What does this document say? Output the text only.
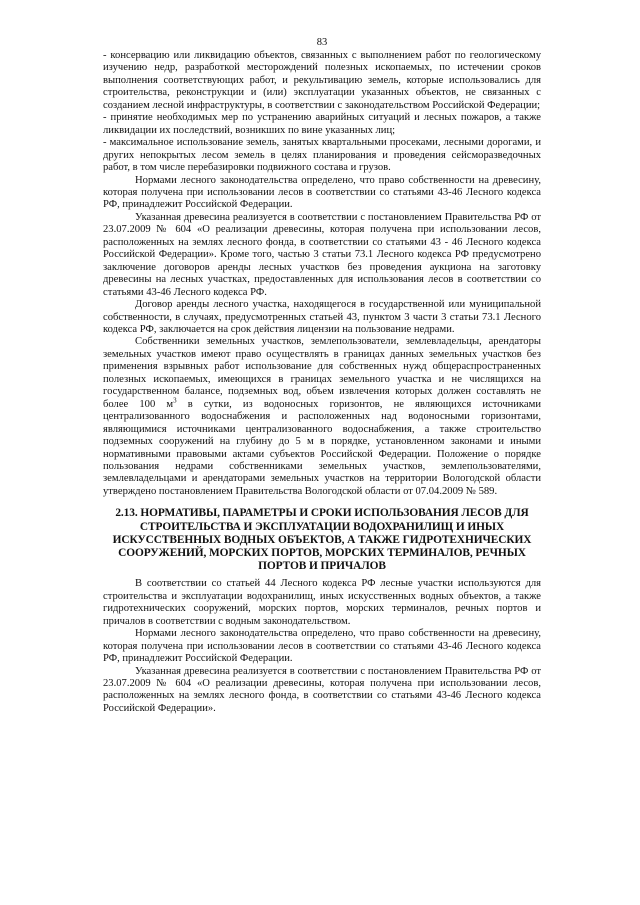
83

- консервацию или ликвидацию объектов, связанных с выполнением работ по геологическому изучению недр, разработкой месторождений полезных ископаемых, по истечении сроков выполнения соответствующих работ, и рекультивацию земель, которые использовались для строительства, реконструкции и (или) эксплуатации указанных объектов, не связанных с созданием лесной инфраструктуры, в соответствии с законодательством Российской Федерации;

- принятие необходимых мер по устранению аварийных ситуаций и лесных пожаров, а также ликвидации их последствий, возникших по вине указанных лиц;

- максимальное использование земель, занятых квартальными просеками, лесными дорогами, и других непокрытых лесом земель в целях планирования и проведения сейсморазведочных работ, в том числе перебазировки подвижного состава и грузов.

Нормами лесного законодательства определено, что право собственности на древесину, которая получена при использовании лесов в соответствии со статьями 43-46 Лесного кодекса РФ, принадлежит Российской Федерации.

Указанная древесина реализуется в соответствии с постановлением Правительства РФ от 23.07.2009 № 604 «О реализации древесины, которая получена при использовании лесов, расположенных на землях лесного фонда, в соответствии со статьями 43 - 46 Лесного кодекса Российской Федерации». Кроме того, частью 3 статьи 73.1 Лесного кодекса РФ предусмотрено заключение договоров аренды лесных участков без проведения аукциона на заготовку древесины на лесных участках, предоставленных для использования лесов в соответствии со статьями 43-46 Лесного кодекса РФ.

Договор аренды лесного участка, находящегося в государственной или муниципальной собственности, в случаях, предусмотренных статьей 43, пунктом 3 части 3 статьи 73.1 Лесного кодекса РФ, заключается на срок действия лицензии на пользование недрами.

Собственники земельных участков, землепользователи, землевладельцы, арендаторы земельных участков имеют право осуществлять в границах данных земельных участков без применения взрывных работ использование для собственных нужд общераспространенных полезных ископаемых, имеющихся в границах земельного участка и не числящихся на государственном балансе, подземных вод, объем извлечения которых должен составлять не более 100 $м^3$ в сутки, из водоносных горизонтов, не являющихся источниками централизованного водоснабжения и расположенных над водоносными горизонтами, являющимися источниками централизованного водоснабжения, а также строительство подземных сооружений на глубину до 5 м в порядке, установленном законами и иными нормативными правовыми актами субъектов Российской Федерации. Положение о порядке пользования недрами собственниками земельных участков, землепользователями, землевладельцами и арендаторами земельных участков на территории Вологодской области утверждено постановлением Правительства Вологодской области от 07.04.2009 № 589.

2.13. НОРМАТИВЫ, ПАРАМЕТРЫ И СРОКИ ИСПОЛЬЗОВАНИЯ ЛЕСОВ ДЛЯ СТРОИТЕЛЬСТВА И ЭКСПЛУАТАЦИИ ВОДОХРАНИЛИЩ И ИНЫХ ИСКУССТВЕННЫХ ВОДНЫХ ОБЪЕКТОВ, А ТАКЖЕ ГИДРОТЕХНИЧЕСКИХ СООРУЖЕНИЙ, МОРСКИХ ПОРТОВ, МОРСКИХ ТЕРМИНАЛОВ, РЕЧНЫХ ПОРТОВ И ПРИЧАЛОВ

В соответствии со статьей 44 Лесного кодекса РФ лесные участки используются для строительства и эксплуатации водохранилищ, иных искусственных водных объектов, а также гидротехнических сооружений, морских портов, морских терминалов, речных портов и причалов в соответствии с водным законодательством.

Нормами лесного законодательства определено, что право собственности на древесину, которая получена при использовании лесов в соответствии со статьями 43-46 Лесного кодекса РФ, принадлежит Российской Федерации.

Указанная древесина реализуется в соответствии с постановлением Правительства РФ от 23.07.2009 № 604 «О реализации древесины, которая получена при использовании лесов, расположенных на землях лесного фонда, в соответствии со статьями 43-46 Лесного кодекса Российской Федерации».
